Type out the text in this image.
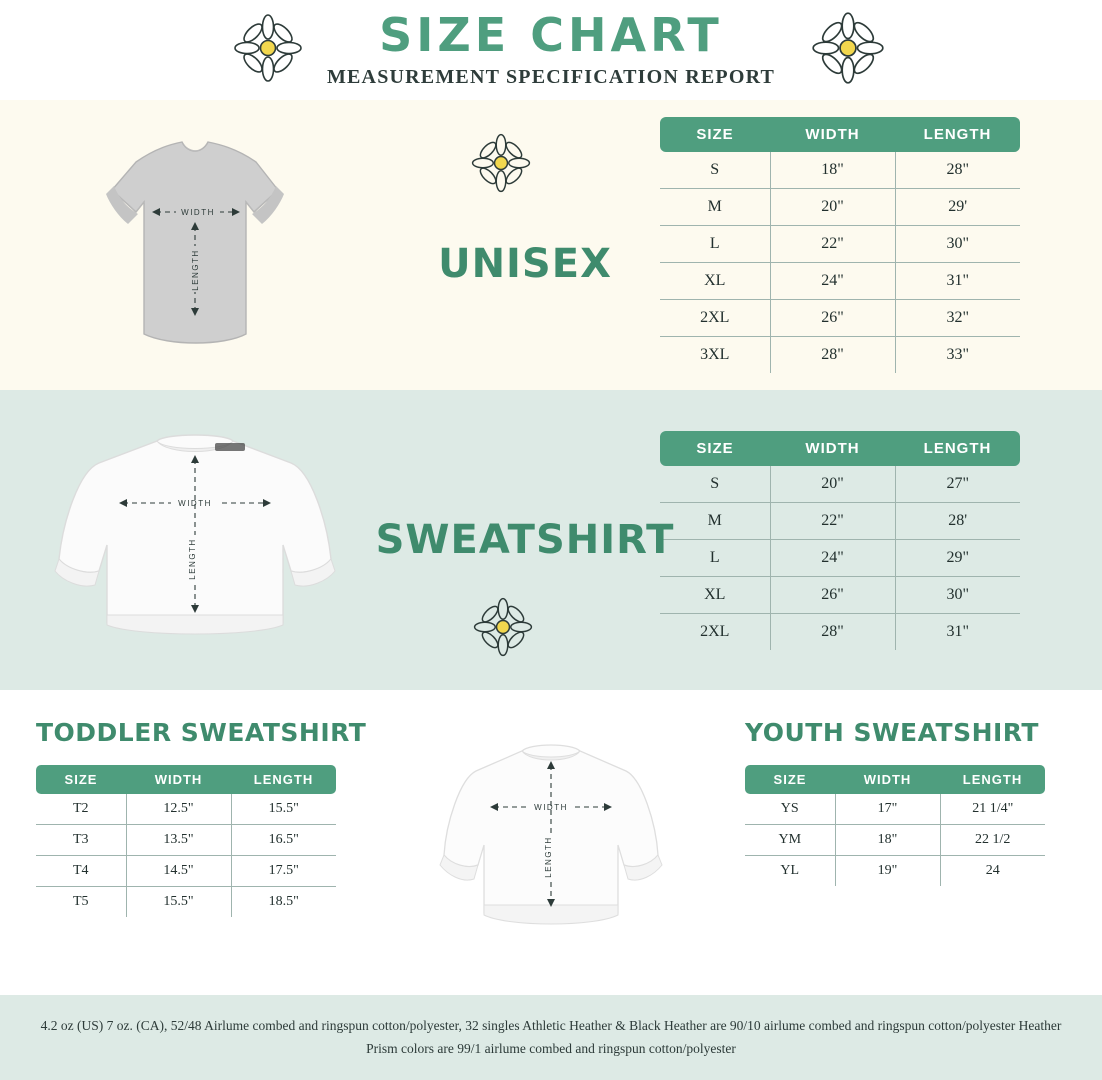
SIZE CHART
MEASUREMENT SPECIFICATION REPORT
WIDTH
LENGTH	UNISEX
SIZE	WIDTH	LENGTH
S	18"	28"
M	20"	29'
L	22"	30"
XL	24"	31"
2XL	26"	32"
3XL	28"	33"
WIDTH
LENGTH	SWEATSHIRT
SIZE	WIDTH	LENGTH
S	20"	27"
M	22"	28'
L	24"	29"
XL	26"	30"
2XL	28"	31"
TODDLER SWEATSHIRT
SIZE	WIDTH	LENGTH
T2	12.5"	15.5"
T3	13.5"	16.5"
T4	14.5"	17.5"
T5	15.5"	18.5"
WIDTH
LENGTH
YOUTH SWEATSHIRT
SIZE	WIDTH	LENGTH
YS	17"	21 1/4"
YM	18"	22 1/2
YL	19"	24
4.2 oz (US) 7 oz. (CA), 52/48 Airlume combed and ringspun cotton/polyester, 32 singles Athletic Heather & Black Heather are 90/10 airlume combed and ringspun cotton/polyester Heather Prism colors are 99/1 airlume combed and ringspun cotton/polyester
